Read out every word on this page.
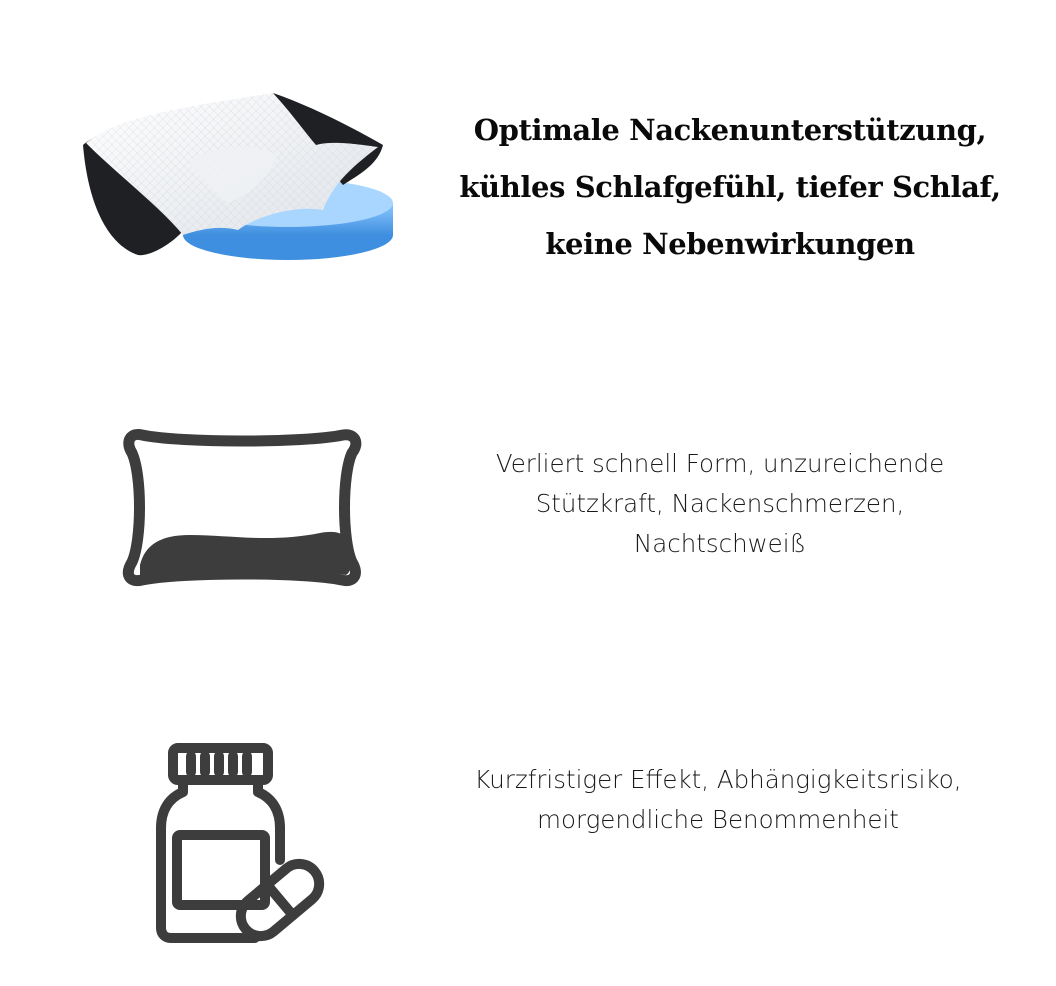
Optimale Nackenunterstützung,
kühles Schlafgefühl, tiefer Schlaf,
keine Nebenwirkungen
Verliert schnell Form, unzureichende
Stützkraft, Nackenschmerzen,
Nachtschweiß
Kurzfristiger Effekt, Abhängigkeitsrisiko,
morgendliche Benommenheit
